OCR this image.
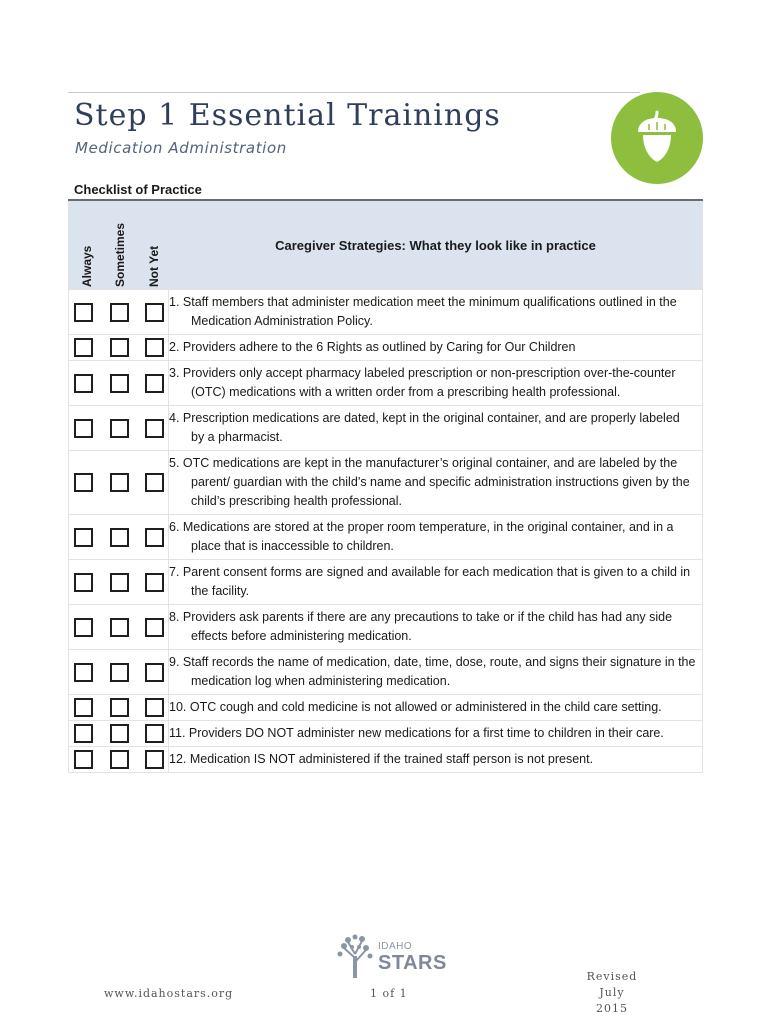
Step 1 Essential Trainings
Medication Administration
Checklist of Practice
Always Sometimes Not Yet	Caregiver Strategies: What they look like in practice

	1. Staff members that administer medication meet the minimum qualifications outlined in the Medication Administration Policy.

	2. Providers adhere to the 6 Rights as outlined by Caring for Our Children

	3. Providers only accept pharmacy labeled prescription or non-prescription over-the-counter (OTC) medications with a written order from a prescribing health professional.

	4. Prescription medications are dated, kept in the original container, and are properly labeled by a pharmacist.

	5. OTC medications are kept in the manufacturer’s original container, and are labeled by the parent/ guardian with the child’s name and specific administration instructions given by the child’s prescribing health professional.

	6. Medications are stored at the proper room temperature, in the original container, and in a place that is inaccessible to children.

	7. Parent consent forms are signed and available for each medication that is given to a child in the facility.

	8. Providers ask parents if there are any precautions to take or if the child has had any side effects before administering medication.

	9. Staff records the name of medication, date, time, dose, route, and signs their signature in the medication log when administering medication.

	10. OTC cough and cold medicine is not allowed or administered in the child care setting.

	11. Providers DO NOT administer new medications for a first time to children in their care.

	12. Medication IS NOT administered if the trained staff person is not present.
IDAHO
STARS
www.idahostars.org	1 of 1
Revised
July 2015
